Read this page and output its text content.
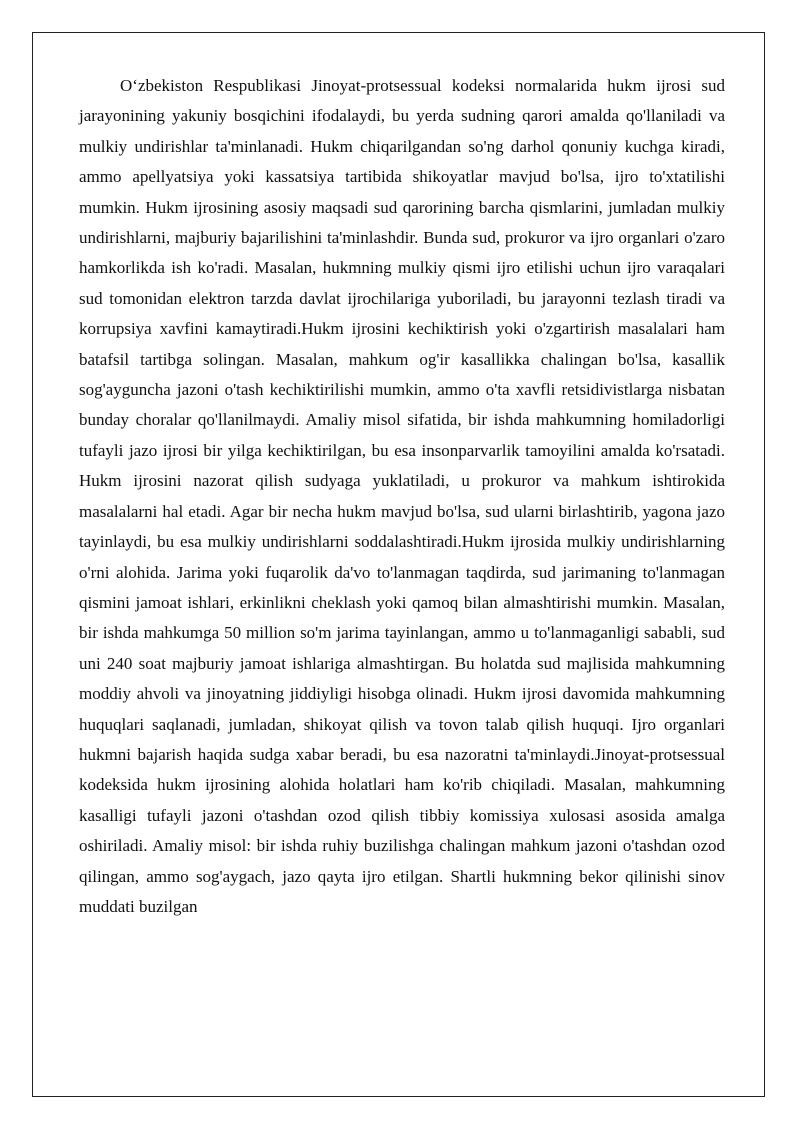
O‘zbekiston Respublikasi Jinoyat-protsessual kodeksi normalarida hukm ijrosi sud jarayonining yakuniy bosqichini ifodalaydi, bu yerda sudning qarori amalda qo'llaniladi va mulkiy undirishlar ta'minlanadi. Hukm chiqarilgandan so'ng darhol qonuniy kuchga kiradi, ammo apellyatsiya yoki kassatsiya tartibida shikoyatlar mavjud bo'lsa, ijro to'xtatilishi mumkin. Hukm ijrosining asosiy maqsadi sud qarorining barcha qismlarini, jumladan mulkiy undirishlarni, majburiy bajarilishini ta'minlashdir. Bunda sud, prokuror va ijro organlari o'zaro hamkorlikda ish ko'radi. Masalan, hukmning mulkiy qismi ijro etilishi uchun ijro varaqalari sud tomonidan elektron tarzda davlat ijrochilariga yuboriladi, bu jarayonni tezlash tiradi va korrupsiya xavfini kamaytiradi.Hukm ijrosini kechiktirish yoki o'zgartirish masalalari ham batafsil tartibga solingan. Masalan, mahkum og'ir kasallikka chalingan bo'lsa, kasallik sog'ayguncha jazoni o'tash kechiktirilishi mumkin, ammo o'ta xavfli retsidivistlarga nisbatan bunday choralar qo'llanilmaydi. Amaliy misol sifatida, bir ishda mahkumning homiladorligi tufayli jazo ijrosi bir yilga kechiktirilgan, bu esa insonparvarlik tamoyilini amalda ko'rsatadi. Hukm ijrosini nazorat qilish sudyaga yuklatiladi, u prokuror va mahkum ishtirokida masalalarni hal etadi. Agar bir necha hukm mavjud bo'lsa, sud ularni birlashtirib, yagona jazo tayinlaydi, bu esa mulkiy undirishlarni soddalashtiradi.Hukm ijrosida mulkiy undirishlarning o'rni alohida. Jarima yoki fuqarolik da'vo to'lanmagan taqdirda, sud jarimaning to'lanmagan qismini jamoat ishlari, erkinlikni cheklash yoki qamoq bilan almashtirishi mumkin. Masalan, bir ishda mahkumga 50 million so'm jarima tayinlangan, ammo u to'lanmaganligi sababli, sud uni 240 soat majburiy jamoat ishlariga almashtirgan. Bu holatda sud majlisida mahkumning moddiy ahvoli va jinoyatning jiddiyligi hisobga olinadi. Hukm ijrosi davomida mahkumning huquqlari saqlanadi, jumladan, shikoyat qilish va tovon talab qilish huquqi. Ijro organlari hukmni bajarish haqida sudga xabar beradi, bu esa nazoratni ta'minlaydi.Jinoyat-protsessual kodeksida hukm ijrosining alohida holatlari ham ko'rib chiqiladi. Masalan, mahkumning kasalligi tufayli jazoni o'tashdan ozod qilish tibbiy komissiya xulosasi asosida amalga oshiriladi. Amaliy misol: bir ishda ruhiy buzilishga chalingan mahkum jazoni o'tashdan ozod qilingan, ammo sog'aygach, jazo qayta ijro etilgan. Shartli hukmning bekor qilinishi sinov muddati buzilgan
